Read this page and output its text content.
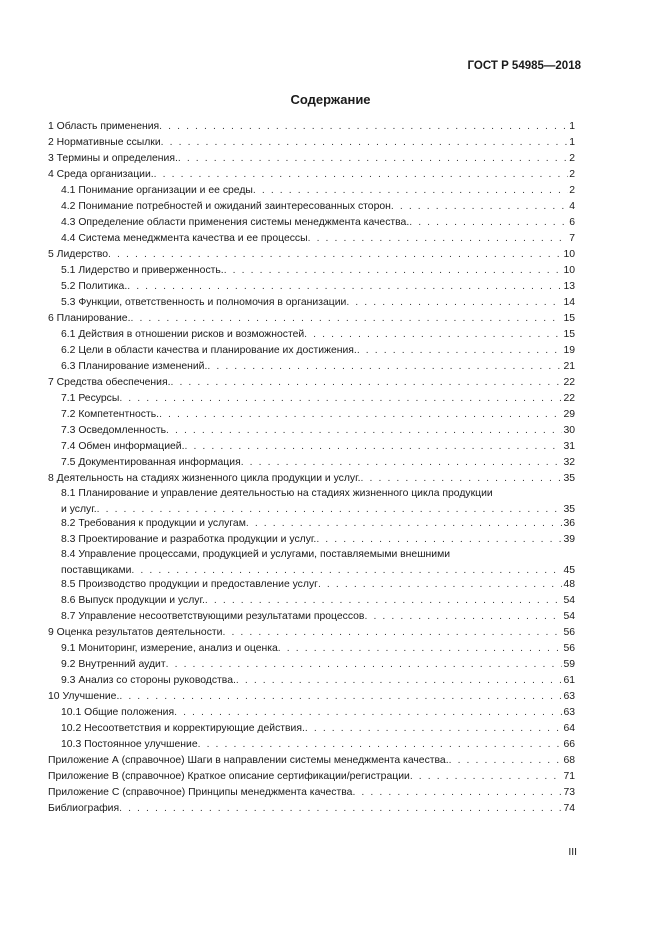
ГОСТ Р 54985—2018
Содержание
1 Область применения . . .	1
2 Нормативные ссылки . . .	1
3 Термины и определения. . . .	2
4 Среда организации. . . .	2
4.1 Понимание организации и ее среды . . .	2
4.2 Понимание потребностей и ожиданий заинтересованных сторон . . .	4
4.3 Определение области применения системы менеджмента качества. . . .	6
4.4 Система менеджмента качества и ее процессы . . .	7
5 Лидерство . . .	10
5.1 Лидерство и приверженность. . . .	10
5.2 Политика. . . .	13
5.3 Функции, ответственность и полномочия в организации . . .	14
6 Планирование. . . .	15
6.1 Действия в отношении рисков и возможностей . . .	15
6.2 Цели в области качества и планирование их достижения. . . .	19
6.3 Планирование изменений. . . .	21
7 Средства обеспечения. . . .	22
7.1 Ресурсы . . .	22
7.2 Компетентность. . . .	29
7.3 Осведомленность . . .	30
7.4 Обмен информацией. . . .	31
7.5 Документированная информация . . .	32
8 Деятельность на стадиях жизненного цикла продукции и услуг. . . .	35
8.1 Планирование и управление деятельностью на стадиях жизненного цикла продукции
и услуг. . . .	35
8.2 Требования к продукции и услугам . . .	36
8.3 Проектирование и разработка продукции и услуг. . . .	39
8.4 Управление процессами, продукцией и услугами, поставляемыми внешними
поставщиками . . .	45
8.5 Производство продукции и предоставление услуг . . .	48
8.6 Выпуск продукции и услуг. . . .	54
8.7 Управление несоответствующими результатами процессов . . .	54
9 Оценка результатов деятельности . . .	56
9.1 Мониторинг, измерение, анализ и оценка . . .	56
9.2 Внутренний аудит . . .	59
9.3 Анализ со стороны руководства. . . .	61
10 Улучшение. . . .	63
10.1 Общие положения . . .	63
10.2 Несоответствия и корректирующие действия. . . .	64
10.3 Постоянное улучшение . . .	66
Приложение А (справочное) Шаги в направлении системы менеджмента качества. . . .	68
Приложение В (справочное) Краткое описание сертификации/регистрации . . .	71
Приложение С (справочное) Принципы менеджмента качества . . .	73
Библиография . . .	74
III
